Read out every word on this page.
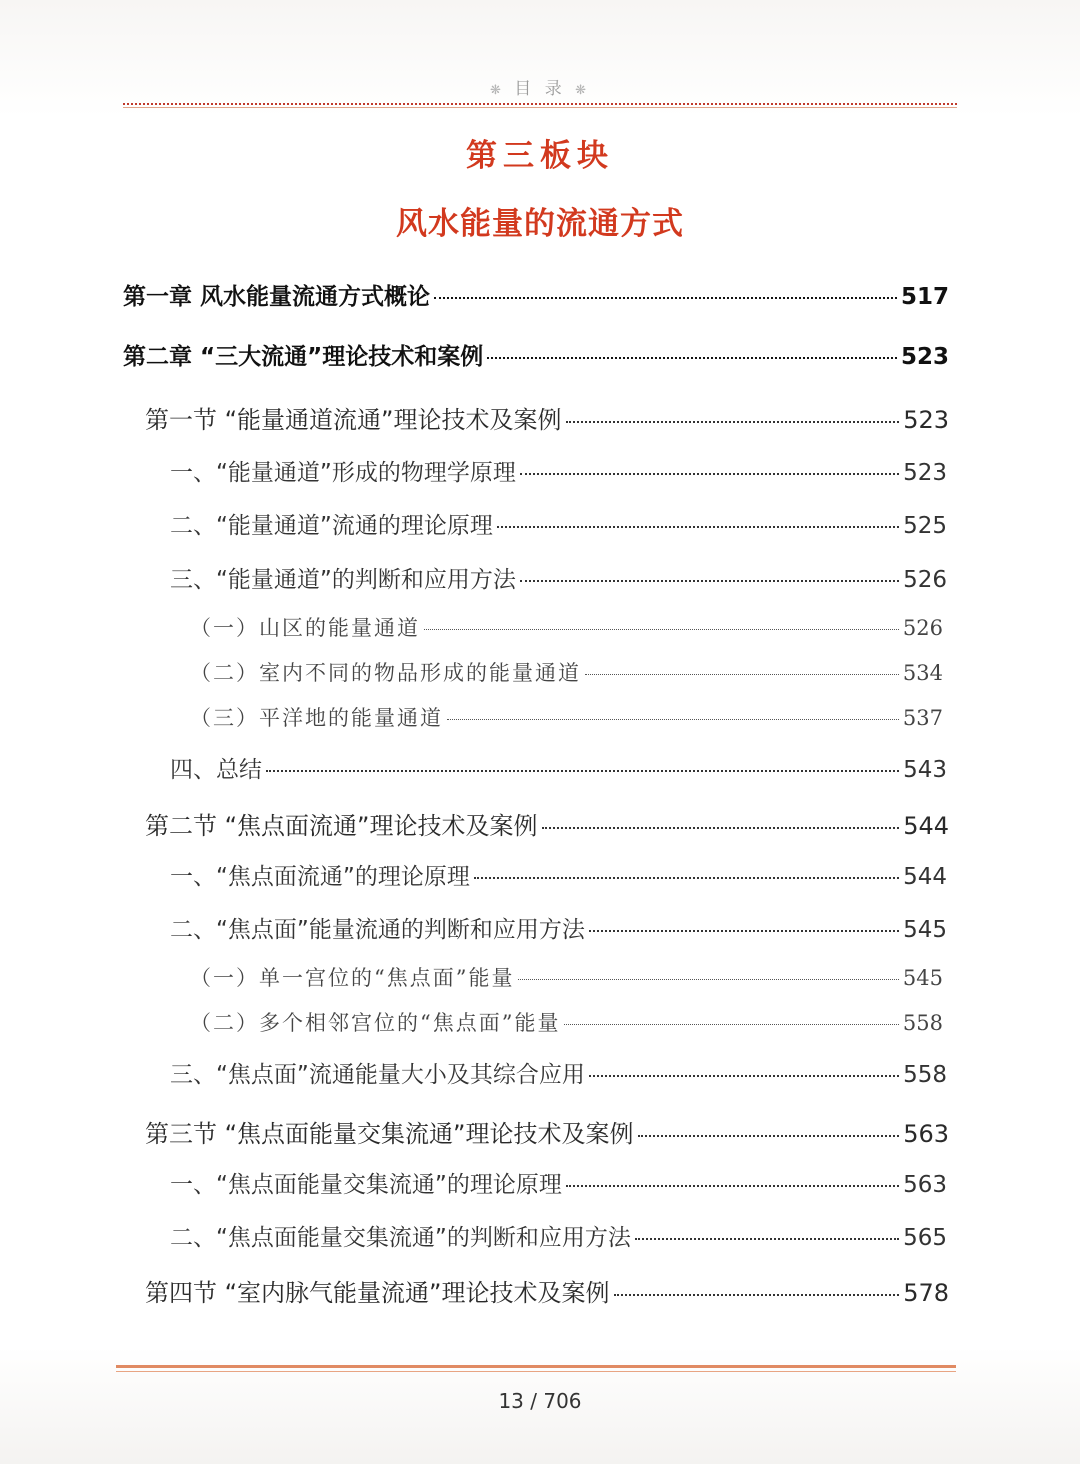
❋ 目 录 ❋
第三板块
风水能量的流通方式
第一章 风水能量流通方式概论	517
第二章 “三大流通”理论技术和案例	523
第一节 “能量通道流通”理论技术及案例	523
一、“能量通道”形成的物理学原理	523
二、“能量通道”流通的理论原理	525
三、“能量通道”的判断和应用方法	526
（一）山区的能量通道	526
（二）室内不同的物品形成的能量通道	534
（三）平洋地的能量通道	537
四、总结	543
第二节 “焦点面流通”理论技术及案例	544
一、“焦点面流通”的理论原理	544
二、“焦点面”能量流通的判断和应用方法	545
（一）单一宫位的“焦点面”能量	545
（二）多个相邻宫位的“焦点面”能量	558
三、“焦点面”流通能量大小及其综合应用	558
第三节 “焦点面能量交集流通”理论技术及案例	563
一、“焦点面能量交集流通”的理论原理	563
二、“焦点面能量交集流通”的判断和应用方法	565
第四节 “室内脉气能量流通”理论技术及案例	578
13 / 706
